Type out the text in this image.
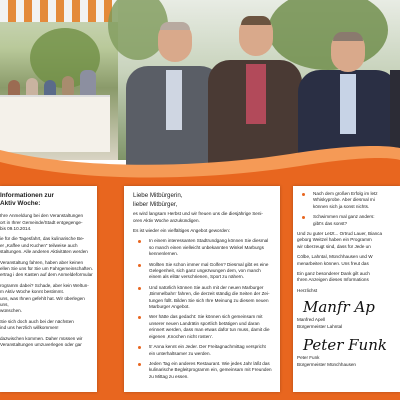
Informationen zur
Aktiv Woche:

Ihre Anmeldung bei den Veranstaltungen
ort in Ihrer Gemeinde/Stadt entgegenge-
bis 09.10.2014.

ie für die Tagesfahrt, das kulinarische Be-
er „Kaffee und Kuchen“ teilweise auch
staltungen. Alle anderen Aktivitäten werden

Veranstaltung fahren, haben aber keinen
ellen Sie uns für Sie um Fahrgemeinschaften.
ertrag i den Kasten auf dem Anmeldeformular

rogramm dabei? Schade, aber kein Weltun-
m Aktiv Woche konnt bestimmt.
uns, was Ihnen gefehlt hat. Wir überlegen uns,
wünschen.

Sie sich doch auch bei der nächsten
ind uns herzlich willkommen!

dazwischen kommen. Daher müssen wir
Veranstaltungen umzuverlegen oder gar

Liebe Mitbürgerin,
lieber Mitbürger,

es wird langsam Herbst und wir freuen uns die diesjährige Seni-
oren Aktiv Woche anzukündigen.

Es ist wieder ein vielfältiges Angebot geworden:

In einem interessanten Stadtrundgang können Sie diesmal
so manch einen vielleicht unbekannten Winkel Marburgs
kennenlernen.
Wollten Sie schon immer mal Golfen? Diesmal gibt es eine
Gelegenheit, sich ganz ungezwungen dem, von manch
einem als elitär verschrienen, Sport zu nähern.
Und natürlich können Sie auch mit der neuen Marburger
‚Bimmelbahn‘ fahren, die derzeit ständig die Seiten der Zei-
tungen füllt. Bilden Sie sich Ihre Meinung zu diesem neuen
Marburger Angebot.
Wer hätte das gedacht: Sie können sich gemeinsam mit
unserer neuen Landrätin sportlich betätigen und daran
erinnert werden, dass man etwas dafür tun muss, damit die
eigenen ‚Knochen nicht rosten‘.
5' Anna kennt ein Jeder. Der Freitagnachmittag verspricht
ein unterhaltsamer zu werden.
Jeden Tag ein anderes Restaurant. Wie jedes Jahr läßt das
kulinarische Begleitprogramm ein, gemeinsam mit Freunden
zu Mittag zu essen.
Nach dem großen Erfolg im letz
Whiskyprobe. Aber diesmal mi
können sich ja sonst nichts.
Schwimmen mal ganz anders:
gibt's das sonst?

Und zu guter Letzt... Ortrud Lauer, Bianca
geborg Weitzel haben ein Programm
wir überzeugt sind, dass für Jede un

Cölbe, Lahntal, Münchhausen und W
menarbeiten können. Uns freut das

Ein ganz besonderer Dank gilt auch
Ihren Anzeigen dieses Informations

Herzlichst

Manfr Ap
Manfred Apell
Bürgermeister Lahntal
Peter Funk
Peter Funk
Bürgermeister Münchhausen
